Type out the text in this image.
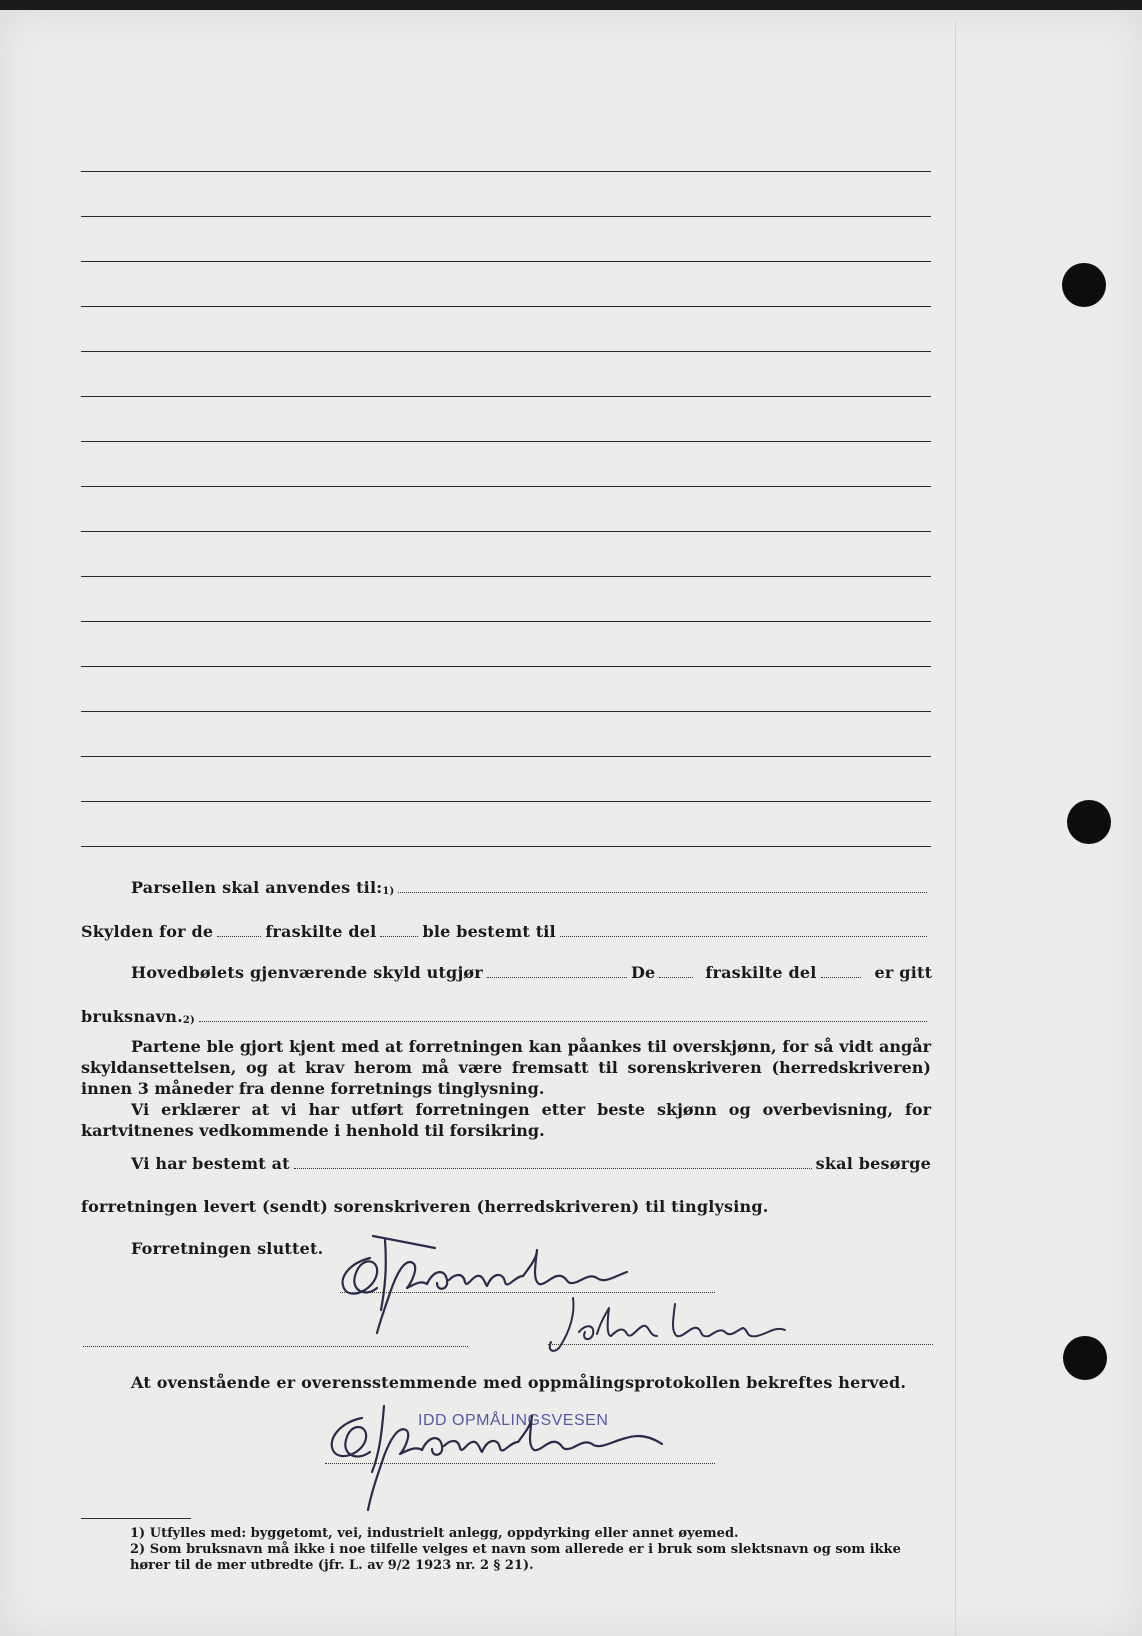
Parsellen skal anvendes $til:_{1)}$
Skylden for de	fraskilte del	ble bestemt til
Hovedbølets gjenværende skyld utgjør	De	fraskilte del	er gitt
$bruksnavn._{2)}$

Partene ble gjort kjent med at forretningen kan påankes til overskjønn, for så vidt angår skyldansettelsen, og at krav herom må være fremsatt til sorenskriveren (herredskriveren) innen 3 måneder fra denne forretnings tinglysning.

Vi erklærer at vi har utført forretningen etter beste skjønn og overbevisning, for kartvitnenes vedkommende i henhold til forsikring.

Vi har bestemt at	skal besørge
forretningen levert (sendt) sorenskriveren (herredskriveren) til tinglysing.
Forretningen sluttet.
At ovenstående er overensstemmende med oppmålingsprotokollen bekreftes herved.
IDD OPMÅLINGSVESEN
1) Utfylles med: byggetomt, vei, industrielt anlegg, oppdyrking eller annet øyemed.
2) Som bruksnavn må ikke i noe tilfelle velges et navn som allerede er i bruk som slektsnavn og som ikke hører til de mer utbredte (jfr. L. av 9/2 1923 nr. 2 § 21).
